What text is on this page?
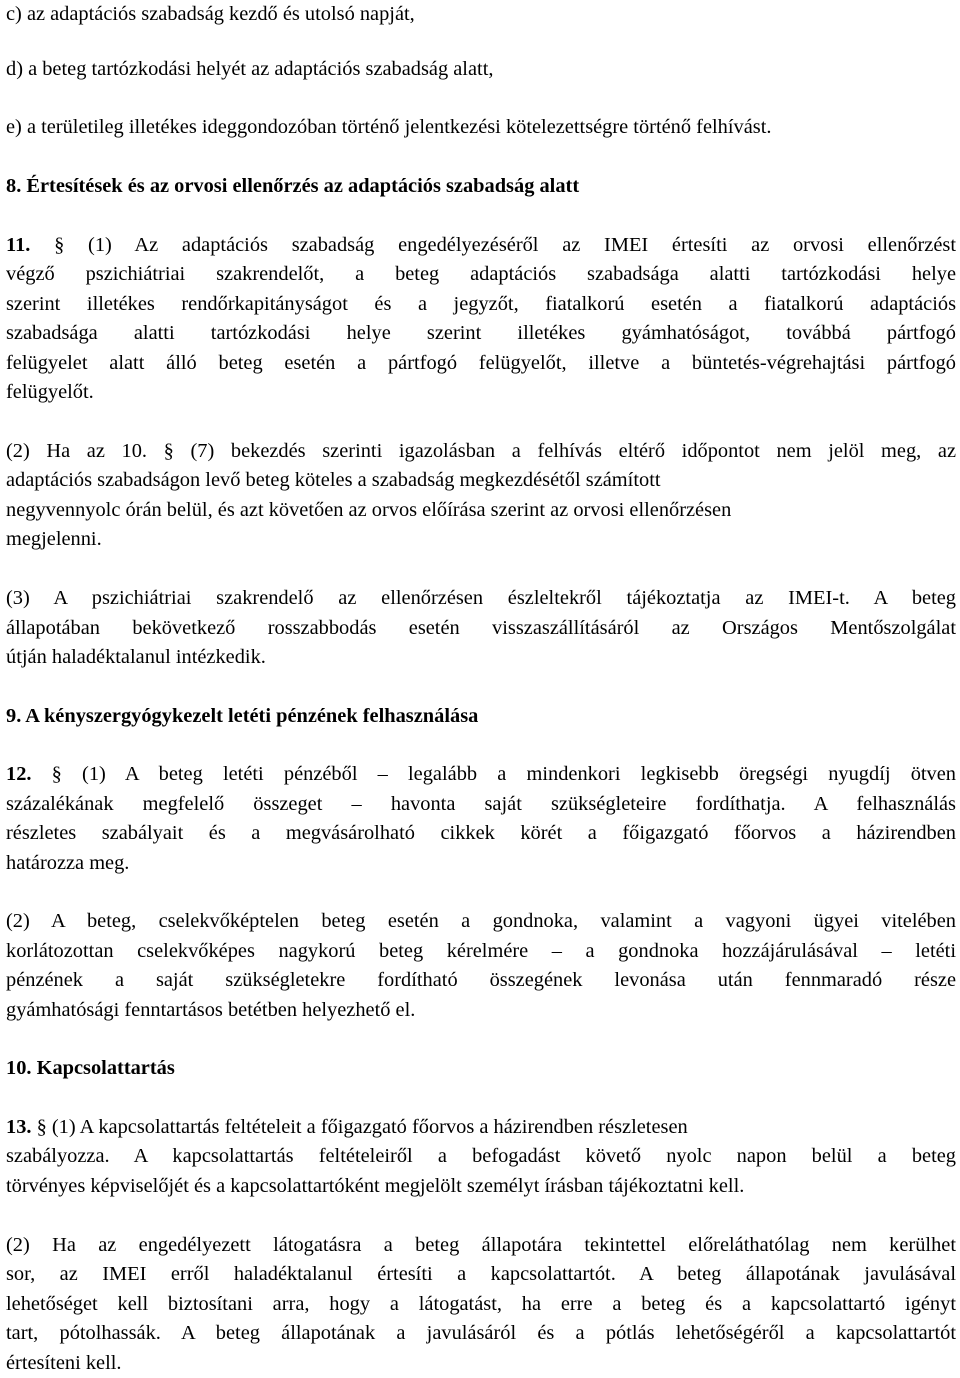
c) az adaptációs szabadság kezdő és utolsó napját,
d) a beteg tartózkodási helyét az adaptációs szabadság alatt,
e) a területileg illetékes ideggondozóban történő jelentkezési kötelezettségre történő felhívást.
8. Értesítések és az orvosi ellenőrzés az adaptációs szabadság alatt
11. § (1) Az adaptációs szabadság engedélyezéséről az IMEI értesíti az orvosi ellenőrzést
végző pszichiátriai szakrendelőt, a beteg adaptációs szabadsága alatti tartózkodási helye
szerint illetékes rendőrkapitányságot és a jegyzőt, fiatalkorú esetén a fiatalkorú adaptációs
szabadsága alatti tartózkodási helye szerint illetékes gyámhatóságot, továbbá pártfogó
felügyelet alatt álló beteg esetén a pártfogó felügyelőt, illetve a büntetés-végrehajtási pártfogó
felügyelőt.
(2) Ha az 10. § (7) bekezdés szerinti igazolásban a felhívás eltérő időpontot nem jelöl meg, az
adaptációs szabadságon levő beteg köteles a szabadság megkezdésétől számított
negyvennyolc órán belül, és azt követően az orvos előírása szerint az orvosi ellenőrzésen
megjelenni.
(3) A pszichiátriai szakrendelő az ellenőrzésen észleltekről tájékoztatja az IMEI-t. A beteg
állapotában bekövetkező rosszabbodás esetén visszaszállításáról az Országos Mentőszolgálat
útján haladéktalanul intézkedik.
9. A kényszergyógykezelt letéti pénzének felhasználása
12. § (1) A beteg letéti pénzéből – legalább a mindenkori legkisebb öregségi nyugdíj ötven
százalékának megfelelő összeget – havonta saját szükségleteire fordíthatja. A felhasználás
részletes szabályait és a megvásárolható cikkek körét a főigazgató főorvos a házirendben
határozza meg.
(2) A beteg, cselekvőképtelen beteg esetén a gondnoka, valamint a vagyoni ügyei vitelében
korlátozottan cselekvőképes nagykorú beteg kérelmére – a gondnoka hozzájárulásával – letéti
pénzének a saját szükségletekre fordítható összegének levonása után fennmaradó része
gyámhatósági fenntartásos betétben helyezhető el.
10. Kapcsolattartás
13. § (1) A kapcsolattartás feltételeit a főigazgató főorvos a házirendben részletesen
szabályozza. A kapcsolattartás feltételeiről a befogadást követő nyolc napon belül a beteg
törvényes képviselőjét és a kapcsolattartóként megjelölt személyt írásban tájékoztatni kell.
(2) Ha az engedélyezett látogatásra a beteg állapotára tekintettel előreláthatólag nem kerülhet
sor, az IMEI erről haladéktalanul értesíti a kapcsolattartót. A beteg állapotának javulásával
lehetőséget kell biztosítani arra, hogy a látogatást, ha erre a beteg és a kapcsolattartó igényt
tart, pótolhassák. A beteg állapotának a javulásáról és a pótlás lehetőségéről a kapcsolattartót
értesíteni kell.
